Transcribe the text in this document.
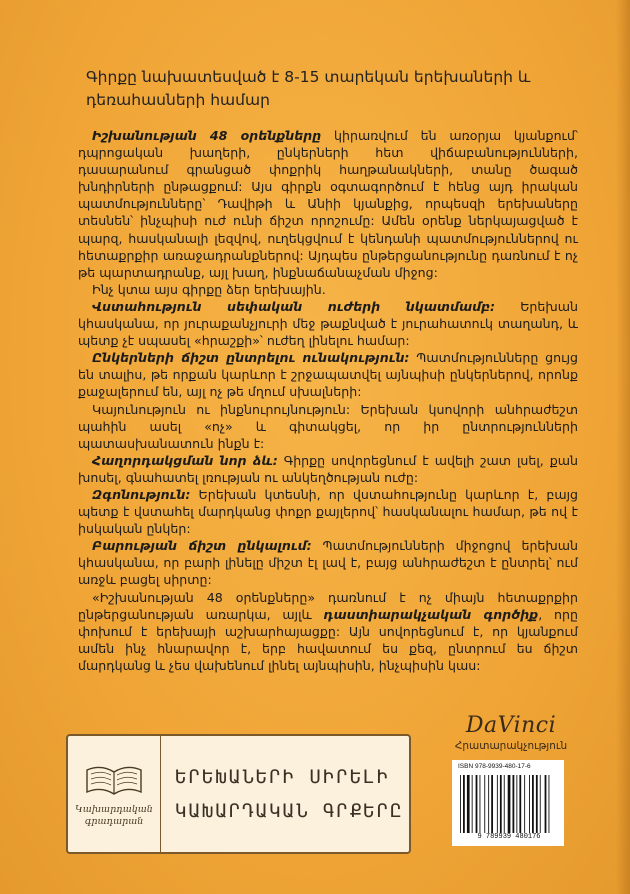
Գիրքը նախատեսված է 8-15 տարեկան երեխաների և դեռահասների համար

Իշխանության 48 օրենքները կիրառվում են առօրյա կյանքում՝ դպրոցական խաղերի, ընկերների հետ վիճաբանությունների, դասարանում գրանցած փոքրիկ հաղթանակների, տանը ծագած խնդիրների ընթացքում: Այս գիրքն օգտագործում է հենց այդ իրական պատմությունները՝ Դավիթի և Անիի կյանքից, որպեսզի երեխաները տեսնեն՝ ինչպիսի ուժ ունի ճիշտ որոշումը: Ամեն օրենք ներկայացված է պարզ, հասկանալի լեզվով, ուղեկցվում է կենդանի պատմություններով ու հետաքրքիր առաջադրանքներով: Այդպես ընթերցանությունը դառնում է ոչ թե պարտադրանք, այլ խաղ, ինքնաճանաչման միջոց:

Ինչ կտա այս գիրքը ձեր երեխային.

Վստահություն սեփական ուժերի նկատմամբ: Երեխան կհասկանա, որ յուրաքանչյուրի մեջ թաքնված է յուրահատուկ տաղանդ, և պետք չէ սպասել «հրաշքի»՝ ուժեղ լինելու համար:

Ընկերների ճիշտ ընտրելու ունակություն: Պատմությունները ցույց են տալիս, թե որքան կարևոր է շրջապատվել այնպիսի ընկերներով, որոնք քաջալերում են, այլ ոչ թե մղում սխալների:

Կայունություն ու ինքնուրույնություն: Երեխան կսովորի անհրաժեշտ պահին ասել «ոչ» և գիտակցել, որ իր ընտրությունների պատասխանատուն ինքն է:

Հաղորդակցման նոր ձև: Գիրքը սովորեցնում է ավելի շատ լսել, քան խոսել, գնահատել լռության ու անկեղծության ուժը:

Զգոնություն: Երեխան կտեսնի, որ վստահությունը կարևոր է, բայց պետք է վստահել մարդկանց փոքր քայլերով՝ հասկանալու համար, թե ով է իսկական ընկեր:

Բարության ճիշտ ընկալում: Պատմությունների միջոցով երեխան կհասկանա, որ բարի լինելը միշտ էլ լավ է, բայց անհրաժեշտ է ընտրել՝ ում առջև բացել սիրտը:

«Իշխանության 48 օրենքները» դառնում է ոչ միայն հետաքրքիր ընթերցանության առարկա, այլև դաստիարակչական գործիք, որը փոխում է երեխայի աշխարհայացքը: Այն սովորեցնում է, որ կյանքում ամեն ինչ հնարավոր է, երբ հավատում ես քեզ, ընտրում ես ճիշտ մարդկանց և չես վախենում լինել այնպիսին, ինչպիսին կաս:

DaVinci
Հրատարակչություն
Կախարդական
գրադարան
ԵՐԵԽԱՆԵՐԻ ՍԻՐԵԼԻ
ԿԱԽԱՐԴԱԿԱՆ ԳՐՔԵՐԸ
ISBN 978-9939-480-17-6
9 789939 480176
